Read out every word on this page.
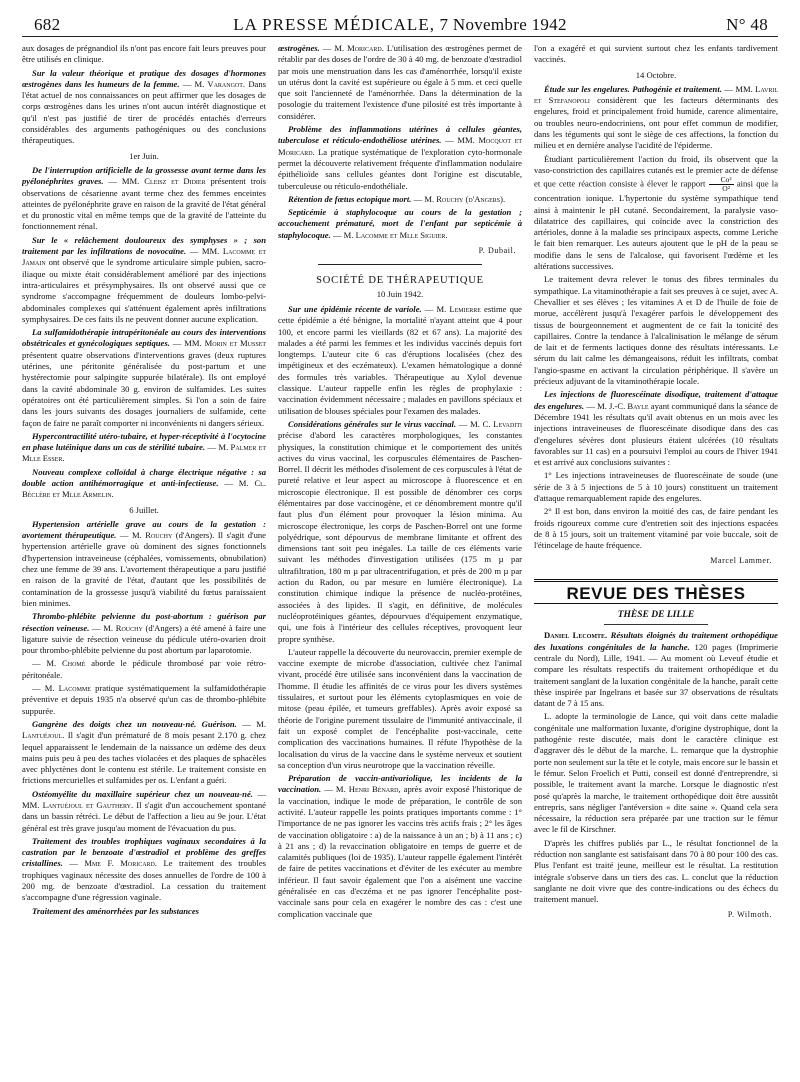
682	LA PRESSE MÉDICALE, 7 Novembre 1942	N° 48

aux dosages de prégnandiol ils n'ont pas encore fait leurs preuves pour être utilisés en clinique.

Sur la valeur théorique et pratique des dosages d'hormones œstrogènes dans les humeurs de la femme. — M. Varangot. Dans l'état actuel de nos connaissances on peut affirmer que les dosages de corps œstrogènes dans les urines n'ont aucun intérêt diagnostique et qu'il n'est pas justifié de tirer de procédés entachés d'erreurs considérables des arguments pathogéniques ou des conclusions thérapeutiques.

1er Juin.

De l'interruption artificielle de la grossesse avant terme dans les pyélonéphrites graves. — MM. Cleisz et Didier présentent trois observations de césarienne avant terme chez des femmes enceintes atteintes de pyélonéphrite grave en raison de la gravité de l'état général et du pronostic vital en même temps que de la gravité de l'atteinte du fonctionnement rénal.

Sur le « relâchement douloureux des symphyses » ; son traitement par les infiltrations de novocaïne. — MM. Lacomme et Jamain ont observé que le syndrome articulaire simple pubien, sacro-iliaque ou mixte était considérablement amélioré par des injections intra-articulaires et présymphysaires. Ils ont observé aussi que ce syndrome s'accompagne fréquemment de douleurs lombo-pelvi-abdominales complexes qui s'atténuent également après infiltrations symphysaires. De ces faits ils ne peuvent donner aucune explication.

La sulfamidothérapie intrapéritonéale au cours des interventions obstétricales et gynécologiques septiques. — MM. Morin et Musset présentent quatre observations d'interventions graves (deux ruptures utérines, une péritonite généralisée du post-partum et une hystérectomie pour salpingite suppurée bilatérale). Ils ont employé dans la cavité abdominale 30 g. environ de sulfamides. Les suites opératoires ont été particulièrement simples. Si l'on a soin de faire dans les jours suivants des dosages journaliers de sulfamide, cette façon de faire ne paraît comporter ni inconvénients ni dangers sérieux.

Hypercontractilité utéro-tubaire, et hyper-réceptivité à l'ocytocine en phase lutéinique dans un cas de stérilité tubaire. — M. Palmer et Mlle Esser.

Nouveau complexe colloïdal à charge électrique négative : sa double action antihémorragique et anti-infectieuse. — M. Cl. Béclère et Mlle Armelin.

6 Juillet.

Hypertension artérielle grave au cours de la gestation : avortement thérapeutique. — M. Rouchy (d'Angers). Il s'agit d'une hypertension artérielle grave où dominent des signes fonctionnels d'hypertension intraveineuse (céphalées, vomissements, obnubilation) chez une femme de 39 ans. L'avortement thérapeutique a paru justifié en raison de la gravité de l'état, d'autant que les possibilités de contamination de la grossesse jusqu'à viabilité du fœtus paraissaient bien minimes.

Thrombo-phlébite pelvienne du post-abortum : guérison par résection veineuse. — M. Rouchy (d'Angers) a été amené à faire une ligature suivie de résection veineuse du pédicule utéro-ovarien droit pour thrombo-phlébite pelvienne du post abortum par laparotomie.

— M. Chomé aborde le pédicule thrombosé par voie rétro-péritonéale.

— M. Lacomme pratique systématiquement la sulfamidothérapie préventive et depuis 1935 n'a observé qu'un cas de thrombo-phlébite suppurée.

Gangrène des doigts chez un nouveau-né. Guérison. — M. Lantuéjoul. Il s'agit d'un prématuré de 8 mois pesant 2.170 g. chez lequel apparaissent le lendemain de la naissance un œdème des deux mains puis peu à peu des taches violacées et des plaques de sphacèles avec phlyctènes dont le contenu est stérile. Le traitement consiste en frictions mercurielles et sulfamides per os. L'enfant a guéri.

Ostéomyélite du maxillaire supérieur chez un nouveau-né. — MM. Lantuéjoul et Gauthery. Il s'agit d'un accouchement spontané dans un bassin rétréci. Le début de l'affection a lieu au 9e jour. L'état général est très grave jusqu'au moment de l'évacuation du pus.

Traitement des troubles trophiques vaginaux secondaires à la castration par le benzoate d'œstradiol et problème des greffes cristallines. — Mme F. Moricard. Le traitement des troubles trophiques vaginaux nécessite des doses annuelles de l'ordre de 100 à 200 mg. de benzoate d'œstradiol. La cessation du traitement s'accompagne d'une régression vaginale.

Traitement des aménorrhées par les substances

œstrogènes. — M. Moricard. L'utilisation des œstrogènes permet de rétablir par des doses de l'ordre de 30 à 40 mg. de benzoate d'œstradiol par mois une menstruation dans les cas d'aménorrhée, lorsqu'il existe un utérus dont la cavité est supérieure ou égale à 5 mm. et ceci quelle que soit l'ancienneté de l'aménorrhée. Dans la détermination de la posologie du traitement l'existence d'une pilosité est très importante à considérer.

Problème des inflammations utérines à cellules géantes, tuberculose et réticulo-endothéliose utérines. — MM. Mocquot et Moricard. La pratique systématique de l'exploration cyto-hormonale permet la découverte relativement fréquente d'inflammation nodulaire épithélioïde sans cellules géantes dont l'origine est discutable, tuberculeuse ou réticulo-endothéliale.

Rétention de fœtus ectopique mort. — M. Rouchy (d'Angers).

Septicémie à staphylocoque au cours de la gestation ; accouchement prématuré, mort de l'enfant par septicémie à staphylocoque. — M. Lacomme et Mlle Siguier.

P. Dubail.
SOCIÉTÉ DE THÉRAPEUTIQUE
10 Juin 1942.

Sur une épidémie récente de variole. — M. Lemierre estime que cette épidémie a été bénigne, la mortalité n'ayant atteint que 4 pour 100, et encore parmi les vieillards (82 et 67 ans). La majorité des malades a été parmi les femmes et les individus vaccinés depuis fort longtemps. L'auteur cite 6 cas d'éruptions localisées (chez des impétigineux et des eczémateux). L'examen hématologique a donné des formules très variables. Thérapeutique au Xylol devenue classique. L'auteur rappelle enfin les règles de prophylaxie : vaccination évidemment nécessaire ; malades en pavillons spéciaux et utilisation de blouses spéciales pour l'examen des malades.

Considérations générales sur le virus vaccinal. — M. C. Levaditi précise d'abord les caractères morphologiques, les constantes physiques, la constitution chimique et le comportement des unités actives du virus vaccinal, les corpuscules élémentaires de Paschen-Borrel. Il décrit les méthodes d'isolement de ces corpuscules à l'état de pureté relative et leur aspect au microscope à fluorescence et en microscopie électronique. Il est possible de dénombrer ces corps élémentaires par dose vaccinogène, et ce dénombrement montre qu'il faut plus d'un élément pour provoquer la lésion minima. Au microscope électronique, les corps de Paschen-Borrel ont une forme polyédrique, sont dépourvus de membrane limitante et offrent des dimensions tant soit peu inégales. La taille de ces éléments varie suivant les méthodes d'investigation utilisées (175 m µ par ultrafiltration, 180 m µ par ultracentrifugation, et près de 200 m µ par action du Radon, ou par mesure en lumière électronique). La constitution chimique indique la présence de nucléo-protéines, associées à des lipides. Il s'agit, en définitive, de molécules nucléoprotéiniques géantes, dépourvues d'équipement enzymatique, qui, une fois à l'intérieur des cellules réceptives, provoquent leur propre synthèse.

L'auteur rappelle la découverte du neurovaccin, premier exemple de vaccine exempte de microbe d'association, cultivée chez l'animal vivant, procédé être utilisée sans inconvénient dans la vaccination de l'homme. Il étudie les affinités de ce virus pour les divers systèmes tissulaires, et surtout pour les éléments cytoplasmiques en voie de mitose (peau épilée, et tumeurs greffables). Après avoir exposé sa théorie de l'origine purement tissulaire de l'immunité antivaccinale, il fait un exposé complet de l'encéphalite post-vaccinale, cette complication des vaccinations humaines. Il réfute l'hypothèse de la localisation du virus de la vaccine dans le système nerveux et soutient sa conception d'un virus neurotrope que la vaccination réveille.

Préparation de vaccin-antivariolique, les incidents de la vaccination. — M. Henri Bénard, après avoir exposé l'historique de la vaccination, indique le mode de préparation, le contrôle de son activité. L'auteur rappelle les points pratiques importants comme : 1° l'importance de ne pas ignorer les vaccins très actifs frais ; 2° les âges de vaccination obligatoire : a) de la naissance à un an ; b) à 11 ans ; c) à 21 ans ; d) la revaccination obligatoire en temps de guerre et de calamités publiques (loi de 1935). L'auteur rappelle également l'intérêt de faire de petites vaccinations et d'éviter de les exécuter au membre inférieur. Il faut savoir également que l'on a aisément une vaccine généralisée en cas d'eczéma et ne pas ignorer l'encéphalite post-vaccinale sans pour cela en exagérer le nombre des cas : c'est une complication vaccinale que

l'on a exagéré et qui survient surtout chez les enfants tardivement vaccinés.

14 Octobre.

Étude sur les engelures. Pathogénie et traitement. — MM. Lavril et Stefanopoli considèrent que les facteurs déterminants des engelures, froid et principalement froid humide, carence alimentaire, ou troubles neuro-endocriniens, ont pour effet commun de modifier, dans les téguments qui sont le siège de ces affections, la fonction du milieu et en dernière analyse l'acidité de l'épiderme.

Étudiant particulièrement l'action du froid, ils observent que la vaso-constriction des capillaires cutanés est le premier acte de défense et que cette réaction consiste à élever le rapport $\frac{\text{Co²}}{\text{O²}}$ ainsi que la concentration ionique. L'hypertonie du système sympathique tend ainsi à maintenir le pH cutané. Secondairement, la paralysie vaso-dilatatrice des capillaires, qui coïncide avec la constriction des artérioles, donne à la maladie ses principaux aspects, comme Leriche le fait bien remarquer. Les auteurs ajoutent que le pH de la peau se modifie dans le sens de l'alcalose, qui favorisent l'œdème et les altérations successives.

Le traitement devra relever le tonus des fibres terminales du sympathique. La vitaminothérapie a fait ses preuves à ce sujet, avec A. Chevallier et ses élèves ; les vitamines A et D de l'huile de foie de morue, accélèrent jusqu'à l'exagérer parfois le développement des tissus de bourgeonnement et augmentent de ce fait la tonicité des capillaires. Contre la tendance à l'alcalinisation le mélange de sérum de lait et de ferments lactiques donne des résultats intéressants. Le sérum du lait calme les démangeaisons, réduit les infiltrats, combat l'angio-spasme en activant la circulation périphérique. Il s'avère un précieux adjuvant de la vitaminothérapie locale.

Les injections de fluorescéinate disodique, traitement d'attaque des engelures. — M. J.-C. Bayle ayant communiqué dans la séance de Décembre 1941 les résultats qu'il avait obtenus en un mois avec les injections intraveineuses de fluorescéinate disodique dans des cas d'engelures sévères dont plusieurs étaient ulcérées (10 résultats favorables sur 11 cas) en a poursuivi l'emploi au cours de l'hiver 1941 et est arrivé aux conclusions suivantes :

1° Les injections intraveineuses de fluorescéinate de soude (une série de 3 à 5 injections de 5 à 10 jours) constituent un traitement d'attaque remarquablement rapide des engelures.

2° Il est bon, dans environ la moitié des cas, de faire pendant les froids rigoureux comme cure d'entretien soit des injections espacées de 8 à 15 jours, soit un traitement vitaminé par voie buccale, soit de l'étincelage de haute fréquence.

Marcel Lammer.
REVUE DES THÈSES
THÈSE DE LILLE

Daniel Lecomte. Résultats éloignés du traitement orthopédique des luxations congénitales de la hanche. 120 pages (Imprimerie centrale du Nord), Lille, 1941. — Au moment où Leveuf étudie et compare les résultats respectifs du traitement orthopédique et du traitement sanglant de la luxation congénitale de la hanche, paraît cette thèse inspirée par Ingelrans et basée sur 37 observations de résultats datant de 7 à 15 ans.

L. adopte la terminologie de Lance, qui voit dans cette maladie congénitale une malformation luxante, d'origine dystrophique, dont la pathogénie reste discutée, mais dont le caractère clinique est d'aggraver dès le début de la marche. L. remarque que la dystrophie porte non seulement sur la tête et le cotyle, mais encore sur le bassin et le fémur. Selon Froelich et Putti, conseil est donné d'entreprendre, si possible, le traitement avant la marche. Lorsque le diagnostic n'est posé qu'après la marche, le traitement orthopédique doit être aussitôt entrepris, sans négliger l'antéversion « dite saine ». Quand cela sera nécessaire, la réduction sera préparée par une traction sur le fémur avec le fil de Kirschner.

D'après les chiffres publiés par L., le résultat fonctionnel de la réduction non sanglante est satisfaisant dans 70 à 80 pour 100 des cas. Plus l'enfant est traité jeune, meilleur est le résultat. La restitution intégrale s'observe dans un tiers des cas. L. conclut que la réduction sanglante ne doit vivre que des contre-indications ou des échecs du traitement manuel.

P. Wilmoth.
